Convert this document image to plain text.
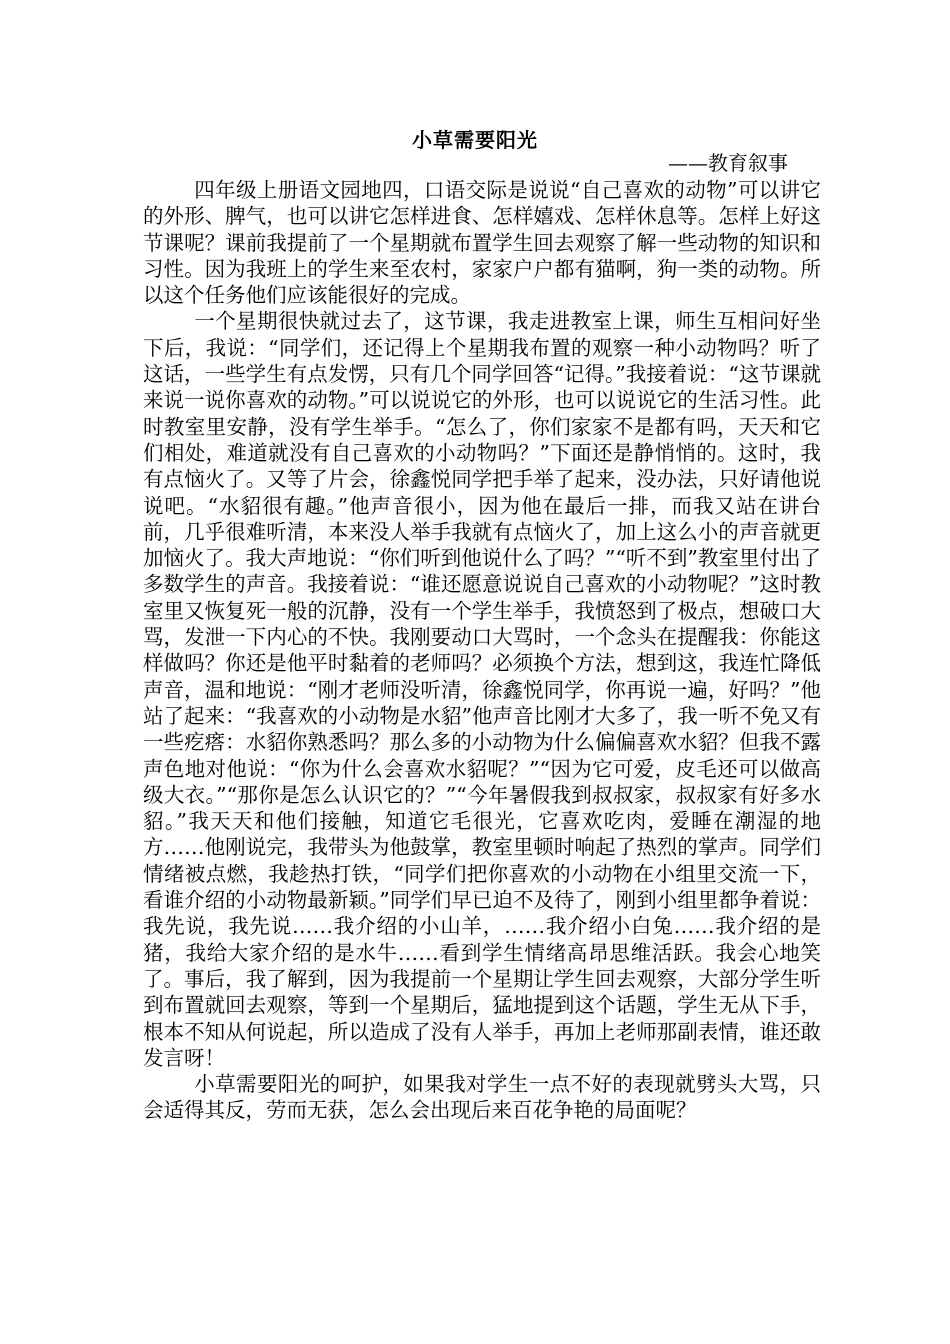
小草需要阳光
——教育叙事

四年级上册语文园地四，口语交际是说说“自己喜欢的动物”可以讲它的外形、脾气，也可以讲它怎样进食、怎样嬉戏、怎样休息等。怎样上好这节课呢？课前我提前了一个星期就布置学生回去观察了解一些动物的知识和习性。因为我班上的学生来至农村，家家户户都有猫啊，狗一类的动物。所以这个任务他们应该能很好的完成。

一个星期很快就过去了，这节课，我走进教室上课，师生互相问好坐下后，我说：“同学们，还记得上个星期我布置的观察一种小动物吗？听了这话，一些学生有点发愣，只有几个同学回答“记得。”我接着说：“这节课就来说一说你喜欢的动物。”可以说说它的外形，也可以说说它的生活习性。此时教室里安静，没有学生举手。“怎么了，你们家家不是都有吗，天天和它们相处，难道就没有自己喜欢的小动物吗？”下面还是静悄悄的。这时，我有点恼火了。又等了片会，徐鑫悦同学把手举了起来，没办法，只好请他说说吧。“水貂很有趣。”他声音很小，因为他在最后一排，而我又站在讲台前，几乎很难听清，本来没人举手我就有点恼火了，加上这么小的声音就更加恼火了。我大声地说：“你们听到他说什么了吗？”“听不到”教室里付出了多数学生的声音。我接着说：“谁还愿意说说自己喜欢的小动物呢？”这时教室里又恢复死一般的沉静，没有一个学生举手，我愤怒到了极点，想破口大骂，发泄一下内心的不快。我刚要动口大骂时，一个念头在提醒我：你能这样做吗？你还是他平时黏着的老师吗？必须换个方法，想到这，我连忙降低声音，温和地说：“刚才老师没听清，徐鑫悦同学，你再说一遍，好吗？”他站了起来：“我喜欢的小动物是水貂”他声音比刚才大多了，我一听不免又有一些疙瘩：水貂你熟悉吗？那么多的小动物为什么偏偏喜欢水貂？但我不露声色地对他说：“你为什么会喜欢水貂呢？”“因为它可爱，皮毛还可以做高级大衣。”“那你是怎么认识它的？”“今年暑假我到叔叔家，叔叔家有好多水貂。”我天天和他们接触，知道它毛很光，它喜欢吃肉，爱睡在潮湿的地方……他刚说完，我带头为他鼓掌，教室里顿时响起了热烈的掌声。同学们情绪被点燃，我趁热打铁，“同学们把你喜欢的小动物在小组里交流一下，看谁介绍的小动物最新颖。”同学们早已迫不及待了，刚到小组里都争着说：我先说，我先说……我介绍的小山羊，……我介绍小白兔……我介绍的是猪，我给大家介绍的是水牛……看到学生情绪高昂思维活跃。我会心地笑了。事后，我了解到，因为我提前一个星期让学生回去观察，大部分学生听到布置就回去观察，等到一个星期后，猛地提到这个话题，学生无从下手，根本不知从何说起，所以造成了没有人举手，再加上老师那副表情，谁还敢发言呀！

小草需要阳光的呵护，如果我对学生一点不好的表现就劈头大骂，只会适得其反，劳而无获，怎么会出现后来百花争艳的局面呢？
